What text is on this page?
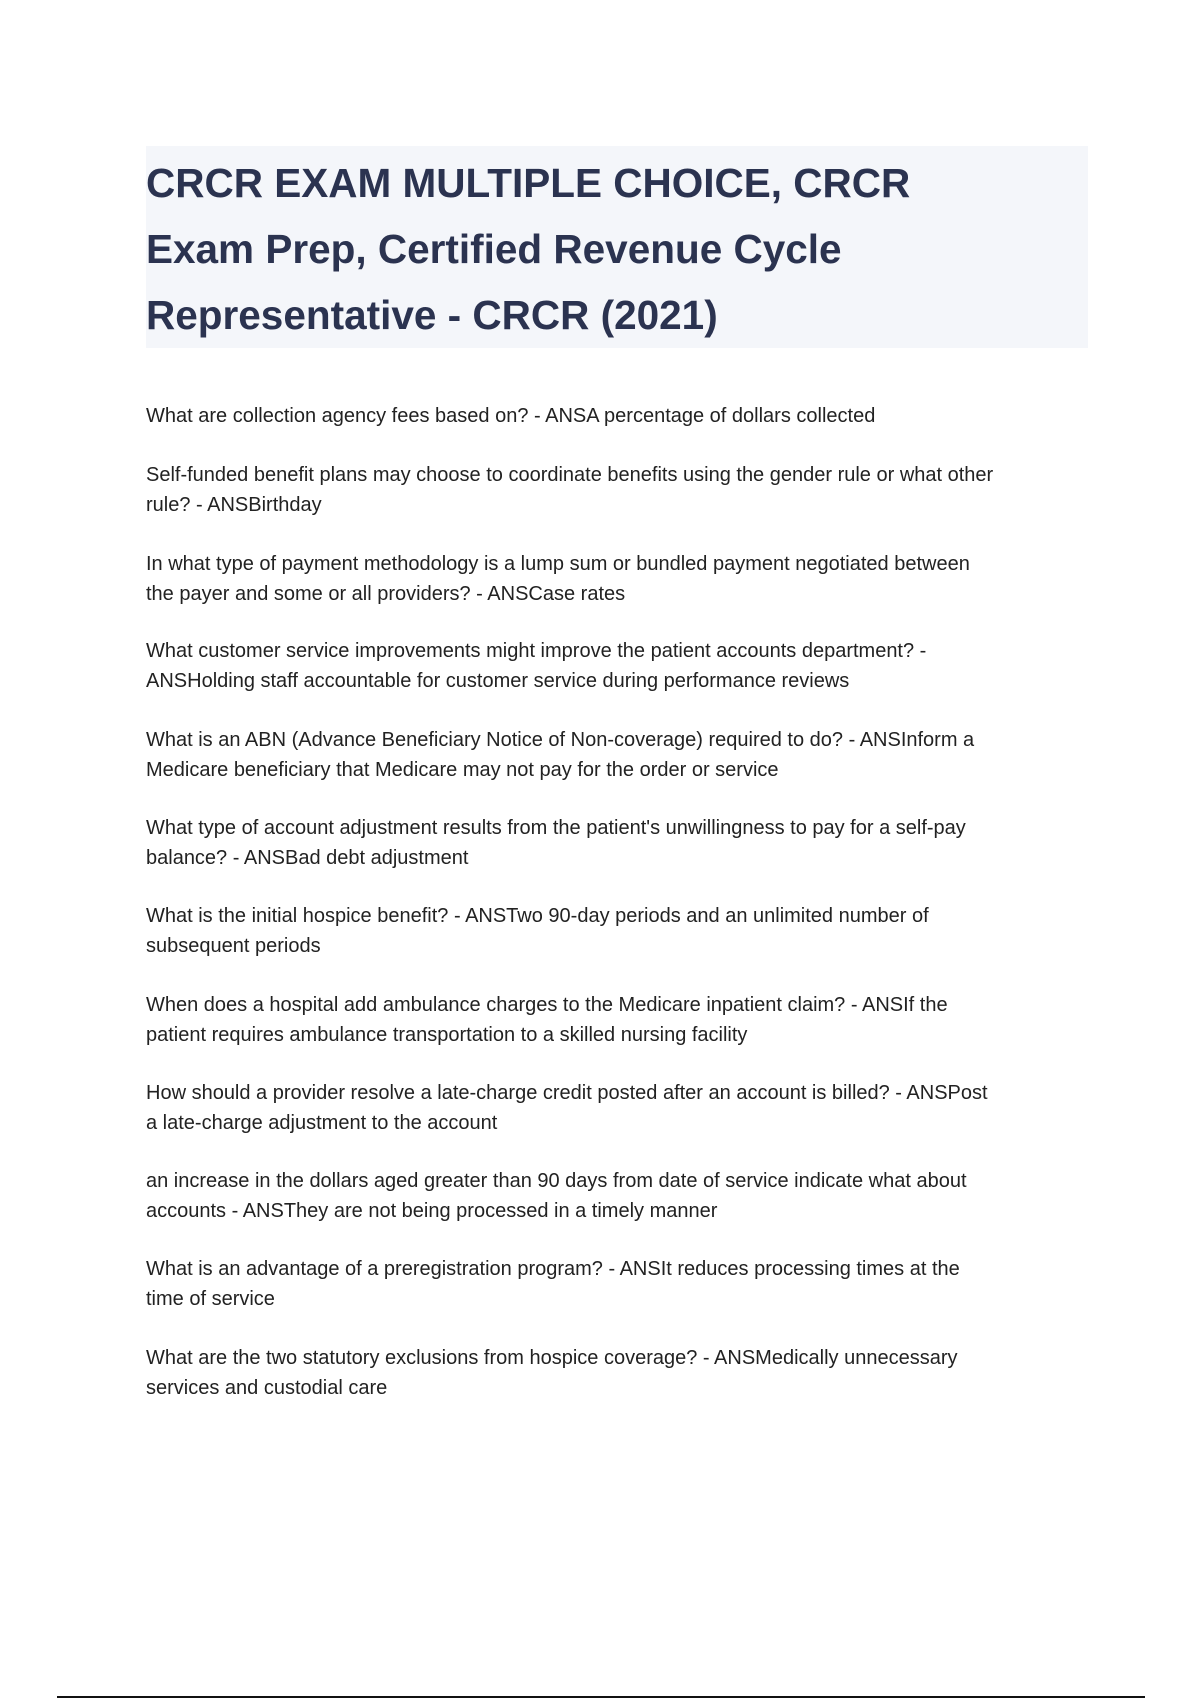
CRCR EXAM MULTIPLE CHOICE, CRCR
Exam Prep, Certified Revenue Cycle
Representative - CRCR (2021)

What are collection agency fees based on? - ANSA percentage of dollars collected

Self-funded benefit plans may choose to coordinate benefits using the gender rule or what other
rule? - ANSBirthday

In what type of payment methodology is a lump sum or bundled payment negotiated between
the payer and some or all providers? - ANSCase rates

What customer service improvements might improve the patient accounts department? -
ANSHolding staff accountable for customer service during performance reviews

What is an ABN (Advance Beneficiary Notice of Non-coverage) required to do? - ANSInform a
Medicare beneficiary that Medicare may not pay for the order or service

What type of account adjustment results from the patient's unwillingness to pay for a self-pay
balance? - ANSBad debt adjustment

What is the initial hospice benefit? - ANSTwo 90-day periods and an unlimited number of
subsequent periods

When does a hospital add ambulance charges to the Medicare inpatient claim? - ANSIf the
patient requires ambulance transportation to a skilled nursing facility

How should a provider resolve a late-charge credit posted after an account is billed? - ANSPost
a late-charge adjustment to the account

an increase in the dollars aged greater than 90 days from date of service indicate what about
accounts - ANSThey are not being processed in a timely manner

What is an advantage of a preregistration program? - ANSIt reduces processing times at the
time of service

What are the two statutory exclusions from hospice coverage? - ANSMedically unnecessary
services and custodial care
